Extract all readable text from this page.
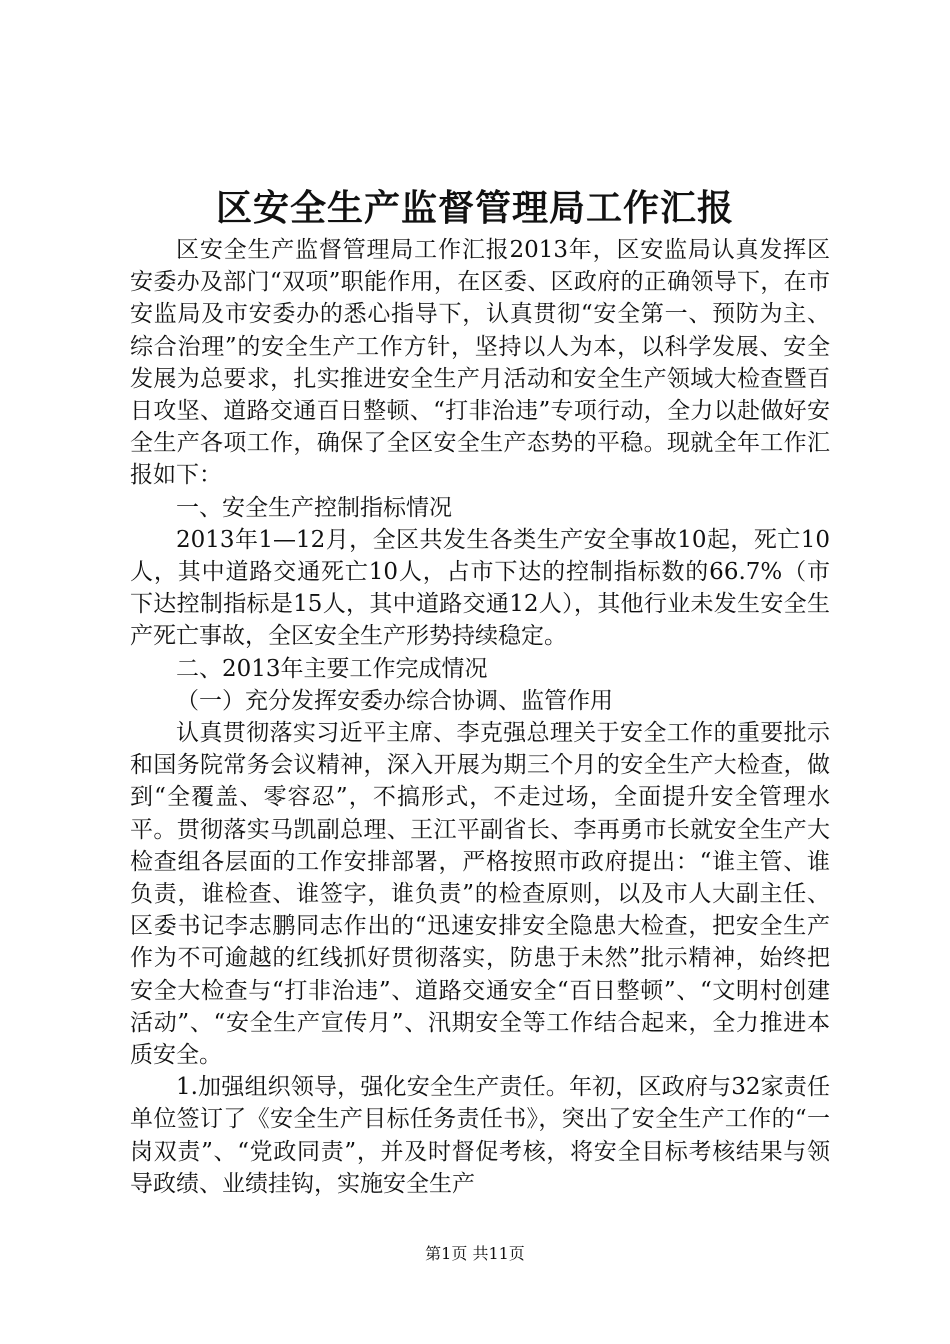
区安全生产监督管理局工作汇报

区安全生产监督管理局工作汇报2013年，区安监局认真发挥区安委办及部门“双项”职能作用，在区委、区政府的正确领导下，在市安监局及市安委办的悉心指导下，认真贯彻“安全第一、预防为主、综合治理”的安全生产工作方针，坚持以人为本，以科学发展、安全发展为总要求，扎实推进安全生产月活动和安全生产领域大检查暨百日攻坚、道路交通百日整顿、“打非治违”专项行动，全力以赴做好安全生产各项工作，确保了全区安全生产态势的平稳。现就全年工作汇报如下：

一、安全生产控制指标情况

2013年1—12月，全区共发生各类生产安全事故10起，死亡10人，其中道路交通死亡10人，占市下达的控制指标数的66.7%（市下达控制指标是15人，其中道路交通12人），其他行业未发生安全生产死亡事故，全区安全生产形势持续稳定。

二、2013年主要工作完成情况

（一）充分发挥安委办综合协调、监管作用

认真贯彻落实习近平主席、李克强总理关于安全工作的重要批示和国务院常务会议精神，深入开展为期三个月的安全生产大检查，做到“全覆盖、零容忍”，不搞形式，不走过场，全面提升安全管理水平。贯彻落实马凯副总理、王江平副省长、李再勇市长就安全生产大检查组各层面的工作安排部署，严格按照市政府提出：“谁主管、谁负责，谁检查、谁签字，谁负责”的检查原则，以及市人大副主任、区委书记李志鹏同志作出的“迅速安排安全隐患大检查，把安全生产作为不可逾越的红线抓好贯彻落实，防患于未然”批示精神，始终把安全大检查与“打非治违”、道路交通安全“百日整顿”、“文明村创建活动”、“安全生产宣传月”、汛期安全等工作结合起来，全力推进本质安全。

1.加强组织领导，强化安全生产责任。年初，区政府与32家责任单位签订了《安全生产目标任务责任书》，突出了安全生产工作的“一岗双责”、“党政同责”，并及时督促考核，将安全目标考核结果与领导政绩、业绩挂钩，实施安全生产

第1页 共11页
